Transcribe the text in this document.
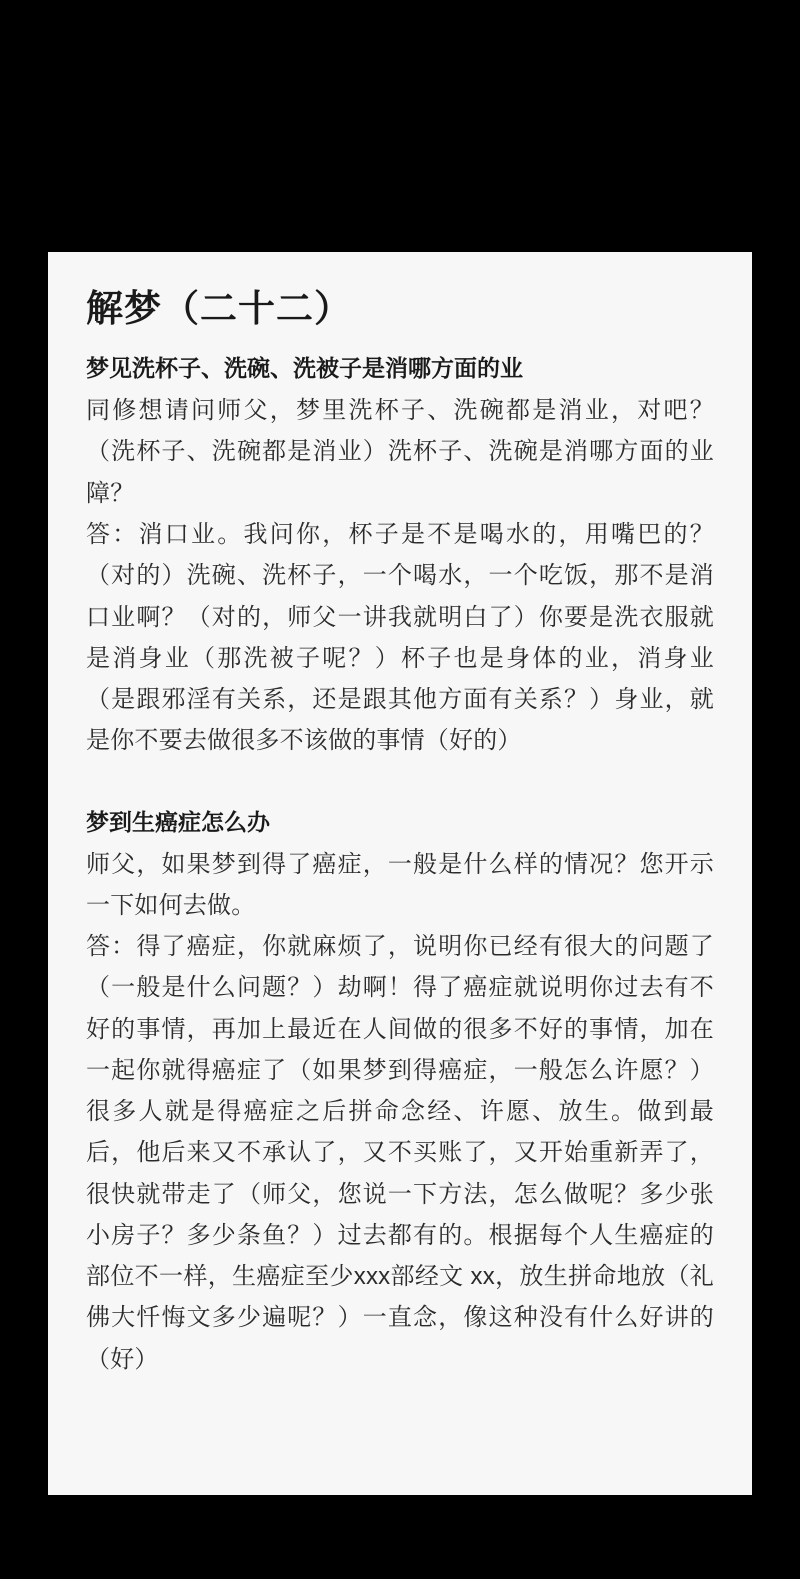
解梦（二十二）
梦见洗杯子、洗碗、洗被子是消哪方面的业

同修想请问师父，梦里洗杯子、洗碗都是消业，对吧？（洗杯子、洗碗都是消业）洗杯子、洗碗是消哪方面的业障？

答：消口业。我问你，杯子是不是喝水的，用嘴巴的？（对的）洗碗、洗杯子，一个喝水，一个吃饭，那不是消口业啊？（对的，师父一讲我就明白了）你要是洗衣服就是消身业（那洗被子呢？）杯子也是身体的业，消身业（是跟邪淫有关系，还是跟其他方面有关系？）身业，就是你不要去做很多不该做的事情（好的）

梦到生癌症怎么办

师父，如果梦到得了癌症，一般是什么样的情况？您开示一下如何去做。

答：得了癌症，你就麻烦了，说明你已经有很大的问题了（一般是什么问题？）劫啊！得了癌症就说明你过去有不好的事情，再加上最近在人间做的很多不好的事情，加在一起你就得癌症了（如果梦到得癌症，一般怎么许愿？）很多人就是得癌症之后拼命念经、许愿、放生。做到最后，他后来又不承认了，又不买账了，又开始重新弄了，很快就带走了（师父，您说一下方法，怎么做呢？多少张小房子？多少条鱼？）过去都有的。根据每个人生癌症的部位不一样，生癌症至少xxx部经文 xx，放生拼命地放（礼佛大忏悔文多少遍呢？）一直念，像这种没有什么好讲的（好）
